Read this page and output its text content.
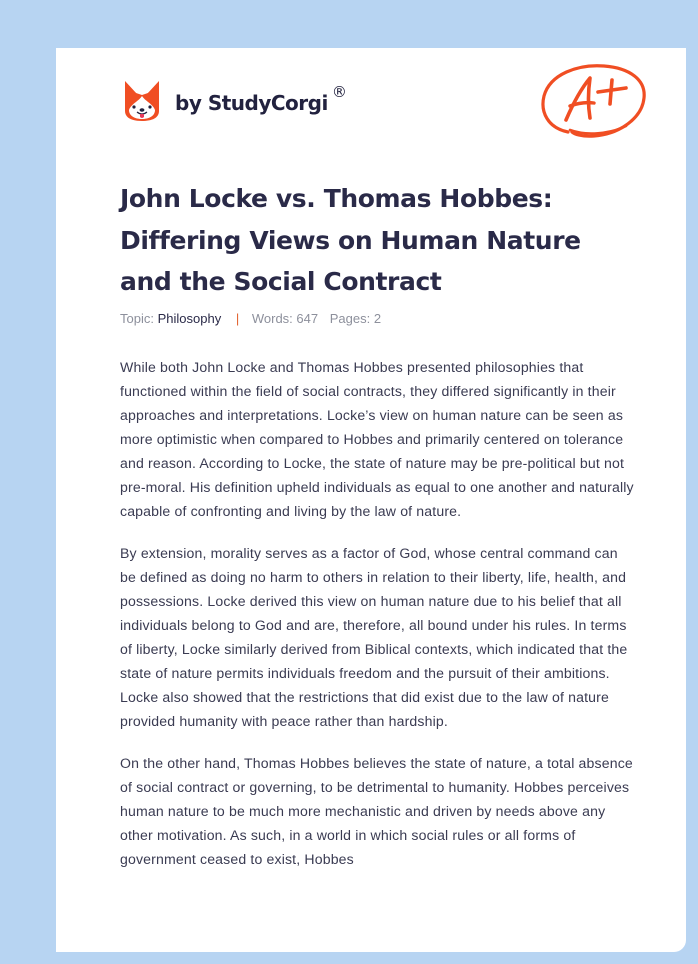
by StudyCorgi ®
John Locke vs. Thomas Hobbes: Differing Views on Human Nature and the Social Contract
Topic: Philosophy | Words: 647 Pages: 2

While both John Locke and Thomas Hobbes presented philosophies that functioned within the field of social contracts, they differed significantly in their approaches and interpretations. Locke’s view on human nature can be seen as more optimistic when compared to Hobbes and primarily centered on tolerance and reason. According to Locke, the state of nature may be pre-political but not pre-moral. His definition upheld individuals as equal to one another and naturally capable of confronting and living by the law of nature.

By extension, morality serves as a factor of God, whose central command can be defined as doing no harm to others in relation to their liberty, life, health, and possessions. Locke derived this view on human nature due to his belief that all individuals belong to God and are, therefore, all bound under his rules. In terms of liberty, Locke similarly derived from Biblical contexts, which indicated that the state of nature permits individuals freedom and the pursuit of their ambitions. Locke also showed that the restrictions that did exist due to the law of nature provided humanity with peace rather than hardship.

On the other hand, Thomas Hobbes believes the state of nature, a total absence of social contract or governing, to be detrimental to humanity. Hobbes perceives human nature to be much more mechanistic and driven by needs above any other motivation. As such, in a world in which social rules or all forms of government ceased to exist, Hobbes
